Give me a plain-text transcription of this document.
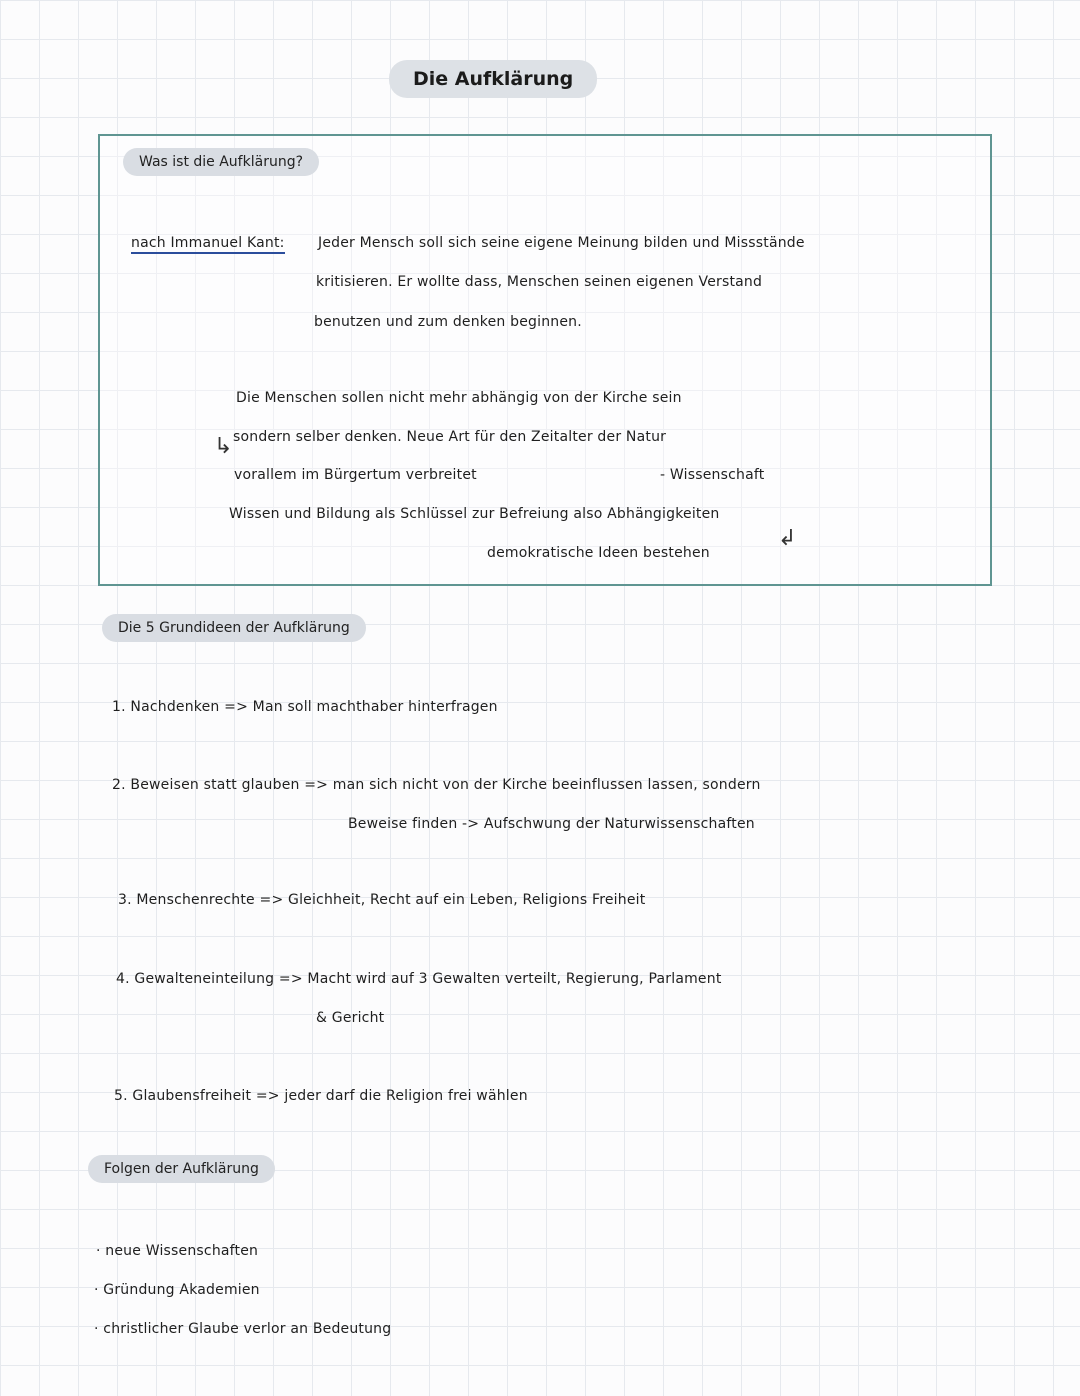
Die Aufklärung
Was ist die Aufklärung?
nach Immanuel Kant: Jeder Mensch soll sich seine eigene Meinung bilden und Missstände
kritisieren. Er wollte dass, Menschen seinen eigenen Verstand
benutzen und zum denken beginnen.
Die Menschen sollen nicht mehr abhängig von der Kirche sein
↳ sondern selber denken. Neue Art für den Zeitalter der Natur
vorallem im Bürgertum verbreitet	- Wissenschaft
Wissen und Bildung als Schlüssel zur Befreiung also Abhängigkeiten
↲
demokratische Ideen bestehen
Die 5 Grundideen der Aufklärung
1. Nachdenken => Man soll machthaber hinterfragen
2. Beweisen statt glauben => man sich nicht von der Kirche beeinflussen lassen, sondern
Beweise finden -> Aufschwung der Naturwissenschaften
3. Menschenrechte => Gleichheit, Recht auf ein Leben, Religions Freiheit
4. Gewalteneinteilung => Macht wird auf 3 Gewalten verteilt, Regierung, Parlament
& Gericht
5. Glaubensfreiheit => jeder darf die Religion frei wählen
Folgen der Aufklärung
· neue Wissenschaften
· Gründung Akademien
· christlicher Glaube verlor an Bedeutung
